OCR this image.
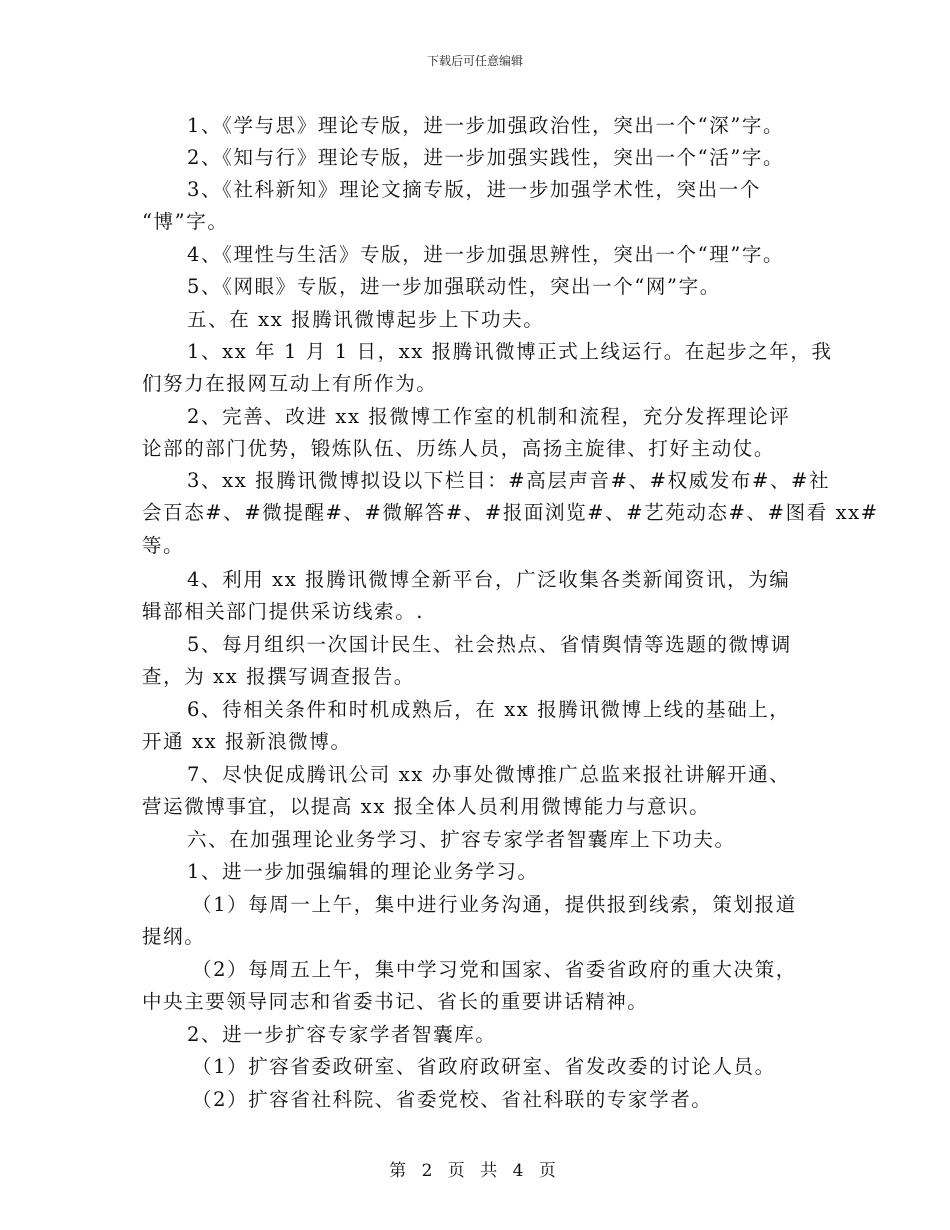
下载后可任意编辑
1、《学与思》理论专版，进一步加强政治性，突出一个“深”字。
2、《知与行》理论专版，进一步加强实践性，突出一个“活”字。
3、《社科新知》理论文摘专版，进一步加强学术性，突出一个
“博”字。
4、《理性与生活》专版，进一步加强思辨性，突出一个“理”字。
5、《网眼》专版，进一步加强联动性，突出一个“网”字。
五、在 xx 报腾讯微博起步上下功夫。
1、xx 年 1 月 1 日，xx 报腾讯微博正式上线运行。在起步之年，我
们努力在报网互动上有所作为。
2、完善、改进 xx 报微博工作室的机制和流程，充分发挥理论评
论部的部门优势，锻炼队伍、历练人员，高扬主旋律、打好主动仗。
3、xx 报腾讯微博拟设以下栏目：#高层声音#、#权威发布#、#社
会百态#、#微提醒#、#微解答#、#报面浏览#、#艺苑动态#、#图看 xx#
等。
4、利用 xx 报腾讯微博全新平台，广泛收集各类新闻资讯，为编
辑部相关部门提供采访线索。.
5、每月组织一次国计民生、社会热点、省情舆情等选题的微博调
查，为 xx 报撰写调查报告。
6、待相关条件和时机成熟后，在 xx 报腾讯微博上线的基础上，
开通 xx 报新浪微博。
7、尽快促成腾讯公司 xx 办事处微博推广总监来报社讲解开通、
营运微博事宜，以提高 xx 报全体人员利用微博能力与意识。
六、在加强理论业务学习、扩容专家学者智囊库上下功夫。
1、进一步加强编辑的理论业务学习。
（1）每周一上午，集中进行业务沟通，提供报到线索，策划报道
提纲。
（2）每周五上午，集中学习党和国家、省委省政府的重大决策，
中央主要领导同志和省委书记、省长的重要讲话精神。
2、进一步扩容专家学者智囊库。
（1）扩容省委政研室、省政府政研室、省发改委的讨论人员。
（2）扩容省社科院、省委党校、省社科联的专家学者。
第 2 页 共 4 页
